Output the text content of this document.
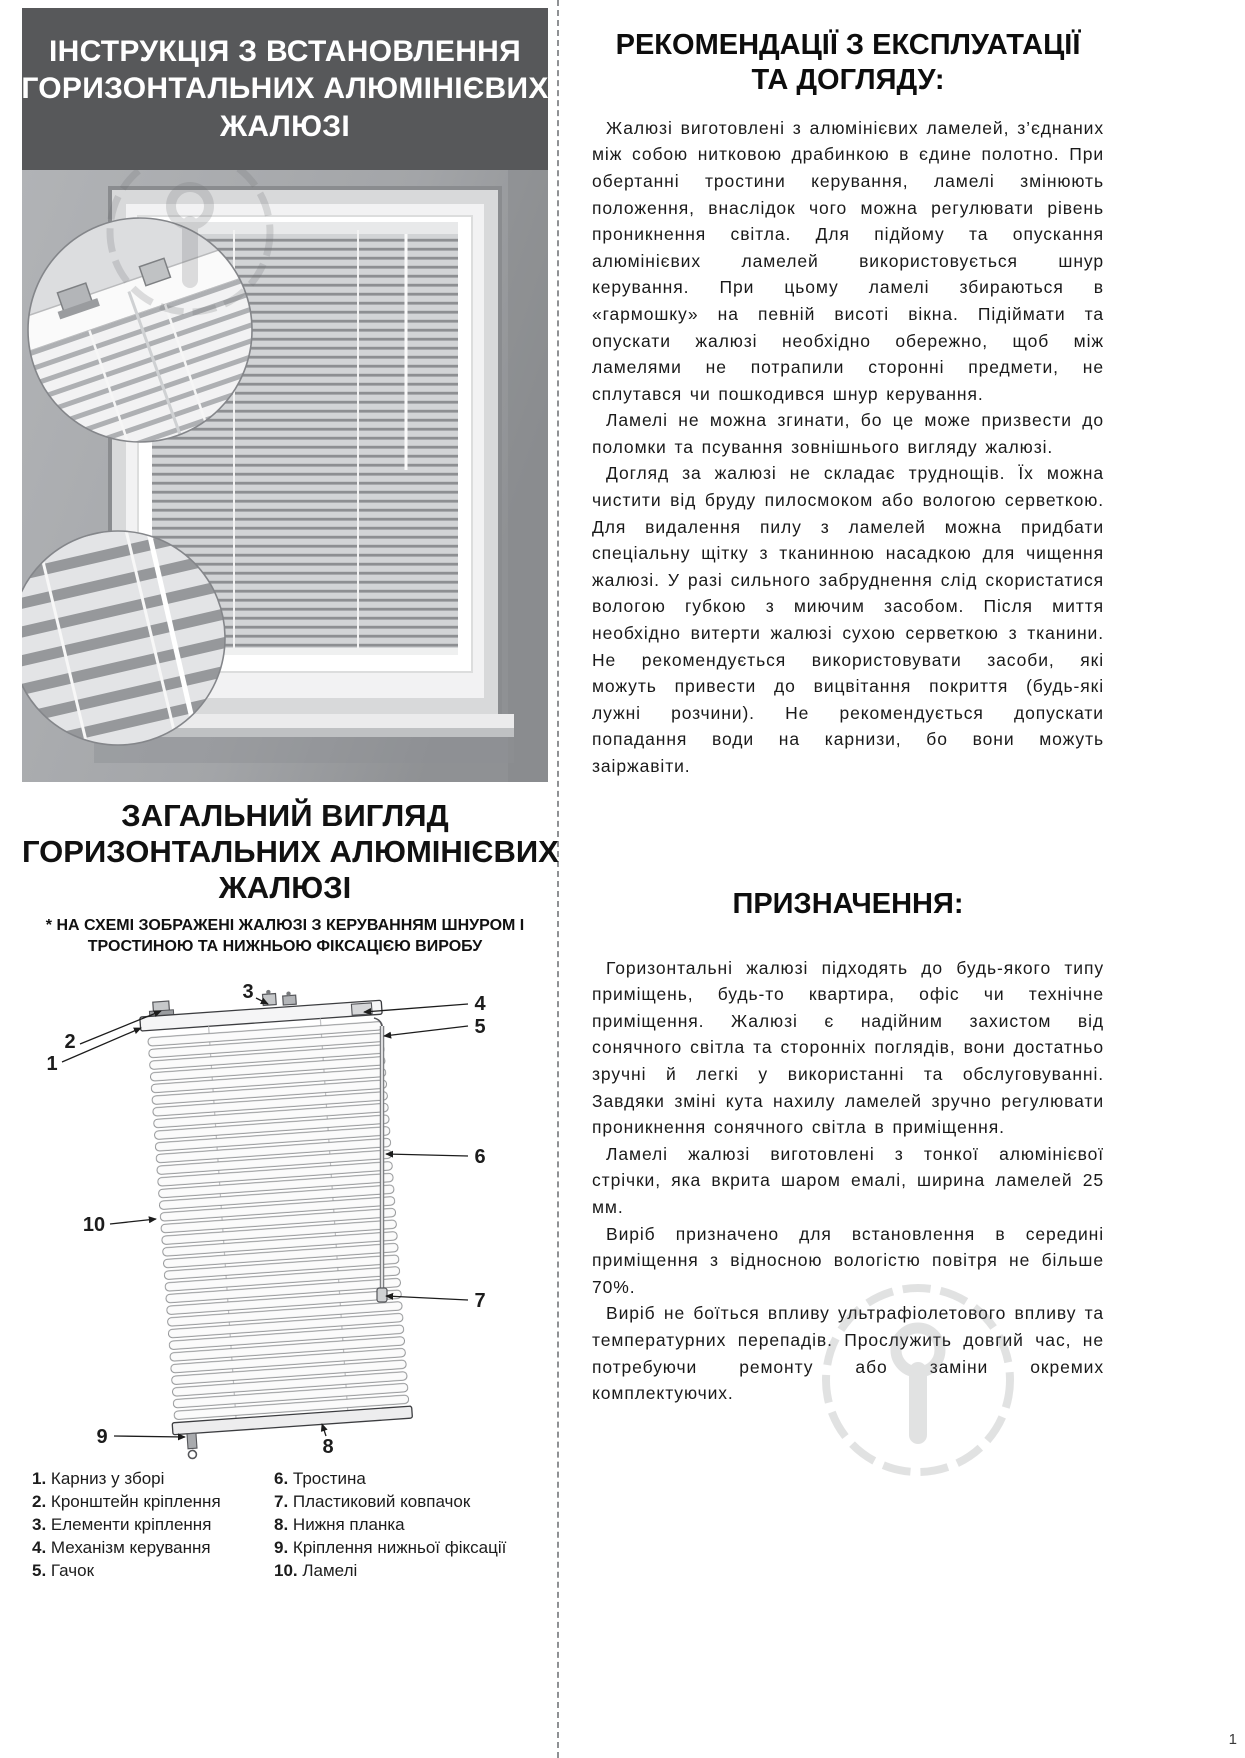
ІНСТРУКЦІЯ З ВСТАНОВЛЕННЯ
ГОРИЗОНТАЛЬНИХ АЛЮМІНІЄВИХ
ЖАЛЮЗІ
ЗАГАЛЬНИЙ ВИГЛЯД
ГОРИЗОНТАЛЬНИХ АЛЮМІНІЄВИХ
ЖАЛЮЗІ
* НА СХЕМІ ЗОБРАЖЕНІ ЖАЛЮЗІ З КЕРУВАННЯМ ШНУРОМ І
ТРОСТИНОЮ ТА НИЖНЬОЮ ФІКСАЦІЄЮ ВИРОБУ
1
2
3
4
5
6
7
8
9
10
1. Карниз у зборі
2. Кронштейн кріплення
3. Елементи кріплення
4. Механізм керування
5. Гачок
6. Тростина
7. Пластиковий ковпачок
8. Нижня планка
9. Кріплення нижньої фіксації
10. Ламелі
РЕКОМЕНДАЦІЇ З ЕКСПЛУАТАЦІЇ
ТА ДОГЛЯДУ:

Жалюзі виготовлені з алюмінієвих ламелей, з’єднаних між собою нитковою драбинкою в єдине полотно. При обертанні тростини керування, ламелі змінюють положення, внаслідок чого можна регулювати рівень проникнення світла. Для підйому та опускання алюмінієвих ламелей використовується шнур керування. При цьому ламелі збираються в «гармошку» на певній висоті вікна. Підіймати та опускати жалюзі необхідно обережно, щоб між ламелями не потрапили сторонні предмети, не сплутався чи пошкодився шнур керування.

Ламелі не можна згинати, бо це може призвести до поломки та псування зовнішнього вигляду жалюзі.

Догляд за жалюзі не складає труднощів. Їх можна чистити від бруду пилосмоком або вологою серветкою. Для видалення пилу з ламелей можна придбати спеціальну щітку з тканинною насадкою для чищення жалюзі. У разі сильного забруднення слід скористатися вологою губкою з миючим засобом. Після миття необхідно витерти жалюзі сухою серветкою з тканини. Не рекомендується використовувати засоби, які можуть привести до вицвітання покриття (будь-які лужні розчини). Не рекомендується допускати попадання води на карнизи, бо вони можуть заіржавіти.

ПРИЗНАЧЕННЯ:

Горизонтальні жалюзі підходять до будь-якого типу приміщень, будь-то квартира, офіс чи технічне приміщення. Жалюзі є надійним захистом від сонячного світла та сторонніх поглядів, вони достатньо зручні й легкі у використанні та обслуговуванні. Завдяки зміні кута нахилу ламелей зручно регулювати проникнення сонячного світла в приміщення.

Ламелі жалюзі виготовлені з тонкої алюмінієвої стрічки, яка вкрита шаром емалі, ширина ламелей 25 мм.

Виріб призначено для встановлення в середині приміщення з відносною вологістю повітря не більше 70%.

Виріб не боїться впливу ультрафіолетового впливу та температурних перепадів. Прослужить довгий час, не потребуючи ремонту або заміни окремих комплектуючих.

1
